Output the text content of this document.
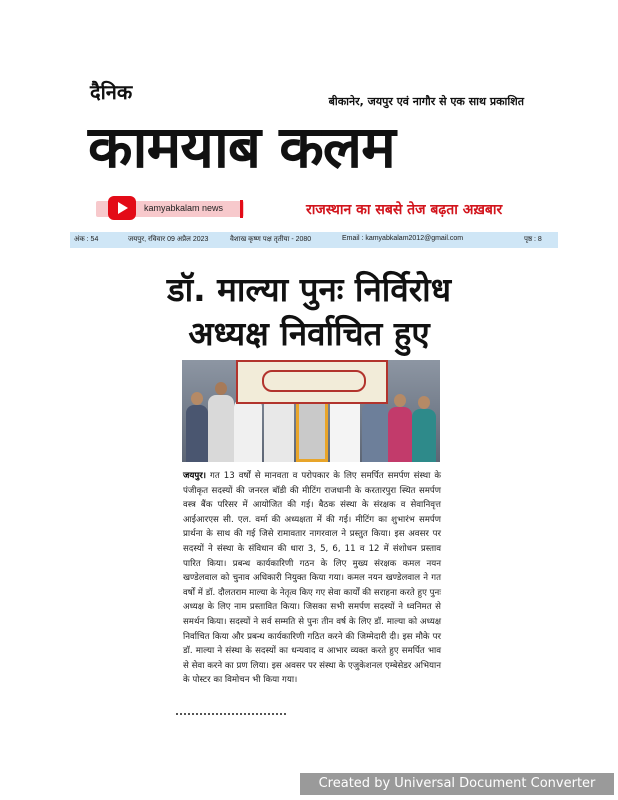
दैनिक	बीकानेर, जयपुर एवं नागौर से एक साथ प्रकाशित
कामयाब कलम
kamyabkalam news	राजस्थान का सबसे तेज बढ़ता अख़बार
अंक : 54	जयपुर, रविवार 09 अप्रैल 2023	वैशाख कृष्ण पक्ष तृतीया - 2080	Email : kamyabkalam2012@gmail.com	पृष्ठ : 8
डॉ. माल्या पुनः निर्विरोध
अध्यक्ष निर्वाचित हुए
जयपुर। गत 13 वर्षों से मानवता व परोपकार के लिए समर्पित समर्पण संस्था के पंजीकृत सदस्यों की जनरल बॉडी की मीटिंग राजधानी के करतारपुरा स्थित समर्पण वस्त्र बैंक परिसर में आयोजित की गई। बैठक संस्था के संरक्षक व सेवानिवृत्त आईआरएस सी. एल. वर्मा की अध्यक्षता में की गई। मीटिंग का शुभारंभ समर्पण प्रार्थना के साथ की गई जिसे रामावतार नागरवाल ने प्रस्तुत किया। इस अवसर पर सदस्यों ने संस्था के संविधान की धारा 3, 5, 6, 11 व 12 में संशोधन प्रस्ताव पारित किया। प्रबन्ध कार्यकारिणी गठन के लिए मुख्य संरक्षक कमल नयन खण्डेलवाल को चुनाव अधिकारी नियुक्त किया गया। कमल नयन खण्डेलवाल ने गत वर्षों में डॉ. दौलतराम माल्या के नेतृत्व किए गए सेवा कार्यों की सराहना करते हुए पुनः अध्यक्ष के लिए नाम प्रस्तावित किया। जिसका सभी समर्पण सदस्यों ने ध्वनिमत से समर्थन किया। सदस्यों ने सर्व सम्मति से पुनः तीन वर्ष के लिए डॉ. माल्या को अध्यक्ष निर्वाचित किया और प्रबन्ध कार्यकारिणी गठित करने की जिम्मेदारी दी। इस मौके पर डॉ. माल्या ने संस्था के सदस्यों का धन्यवाद व आभार व्यक्त करते हुए समर्पित भाव से सेवा करने का प्रण लिया। इस अवसर पर संस्था के एजुकेशनल एम्बेसेडर अभियान के पोस्टर का विमोचन भी किया गया।
Created by Universal Document Converter
